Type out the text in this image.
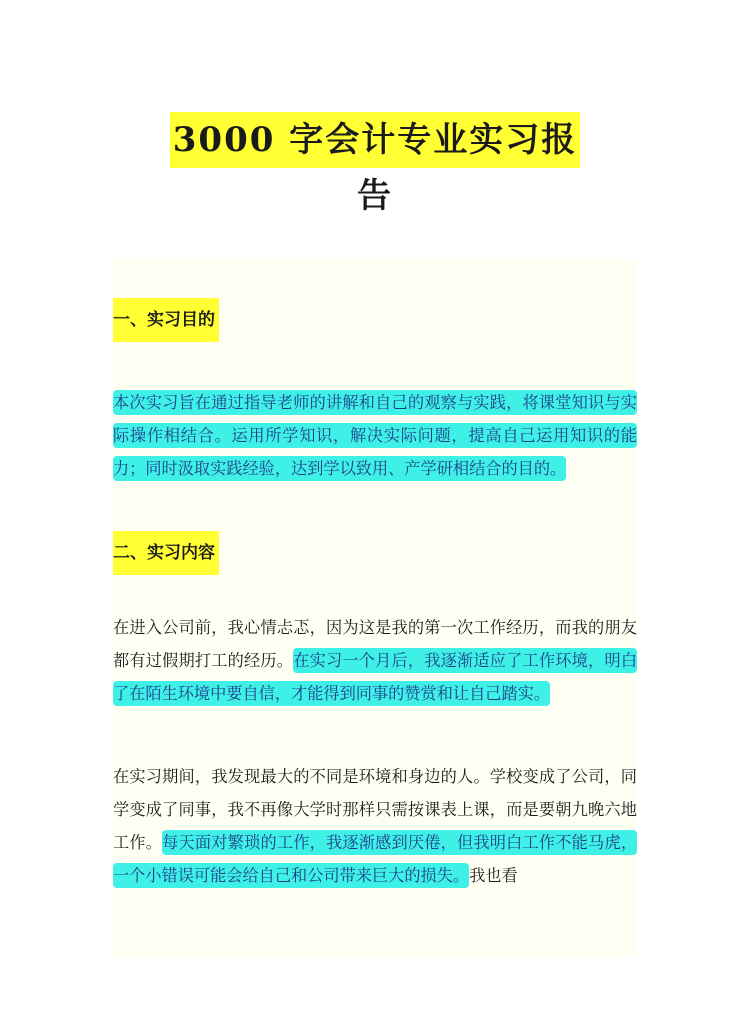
3000 字会计专业实习报告
一、实习目的

本次实习旨在通过指导老师的讲解和自己的观察与实践，将课堂知识与实际操作相结合。运用所学知识，解决实际问题，提高自己运用知识的能力；同时汲取实践经验，达到学以致用、产学研相结合的目的。

二、实习内容

在进入公司前，我心情忐忑，因为这是我的第一次工作经历，而我的朋友都有过假期打工的经历。在实习一个月后，我逐渐适应了工作环境，明白了在陌生环境中要自信，才能得到同事的赞赏和让自己踏实。

在实习期间，我发现最大的不同是环境和身边的人。学校变成了公司，同学变成了同事，我不再像大学时那样只需按课表上课，而是要朝九晚六地工作。每天面对繁琐的工作，我逐渐感到厌倦，但我明白工作不能马虎，一个小错误可能会给自己和公司带来巨大的损失。我也看
